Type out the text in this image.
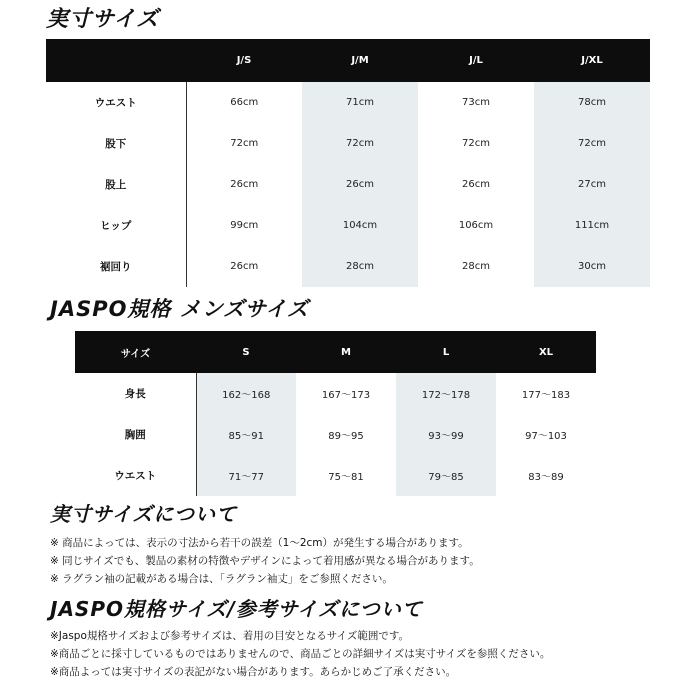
実寸サイズ
	J/S	J/M	J/L	J/XL
ウエスト	66cm	71cm	73cm	78cm
股下	72cm	72cm	72cm	72cm
股上	26cm	26cm	26cm	27cm
ヒップ	99cm	104cm	106cm	111cm
裾回り	26cm	28cm	28cm	30cm
JASPO規格 メンズサイズ
サイズ	S	M	L	XL
身長	162〜168	167〜173	172〜178	177〜183
胸囲	85〜91	89〜95	93〜99	97〜103
ウエスト	71〜77	75〜81	79〜85	83〜89
実寸サイズについて
※ 商品によっては、表示の寸法から若干の誤差（1〜2cm）が発生する場合があります。
※ 同じサイズでも、製品の素材の特徴やデザインによって着用感が異なる場合があります。
※ ラグラン袖の記載がある場合は、「ラグラン袖丈」をご参照ください。
JASPO規格サイズ/参考サイズについて
※Jaspo規格サイズおよび参考サイズは、着用の目安となるサイズ範囲です。
※商品ごとに採寸しているものではありませんので、商品ごとの詳細サイズは実寸サイズを参照ください。
※商品よっては実寸サイズの表記がない場合があります。あらかじめご了承ください。
